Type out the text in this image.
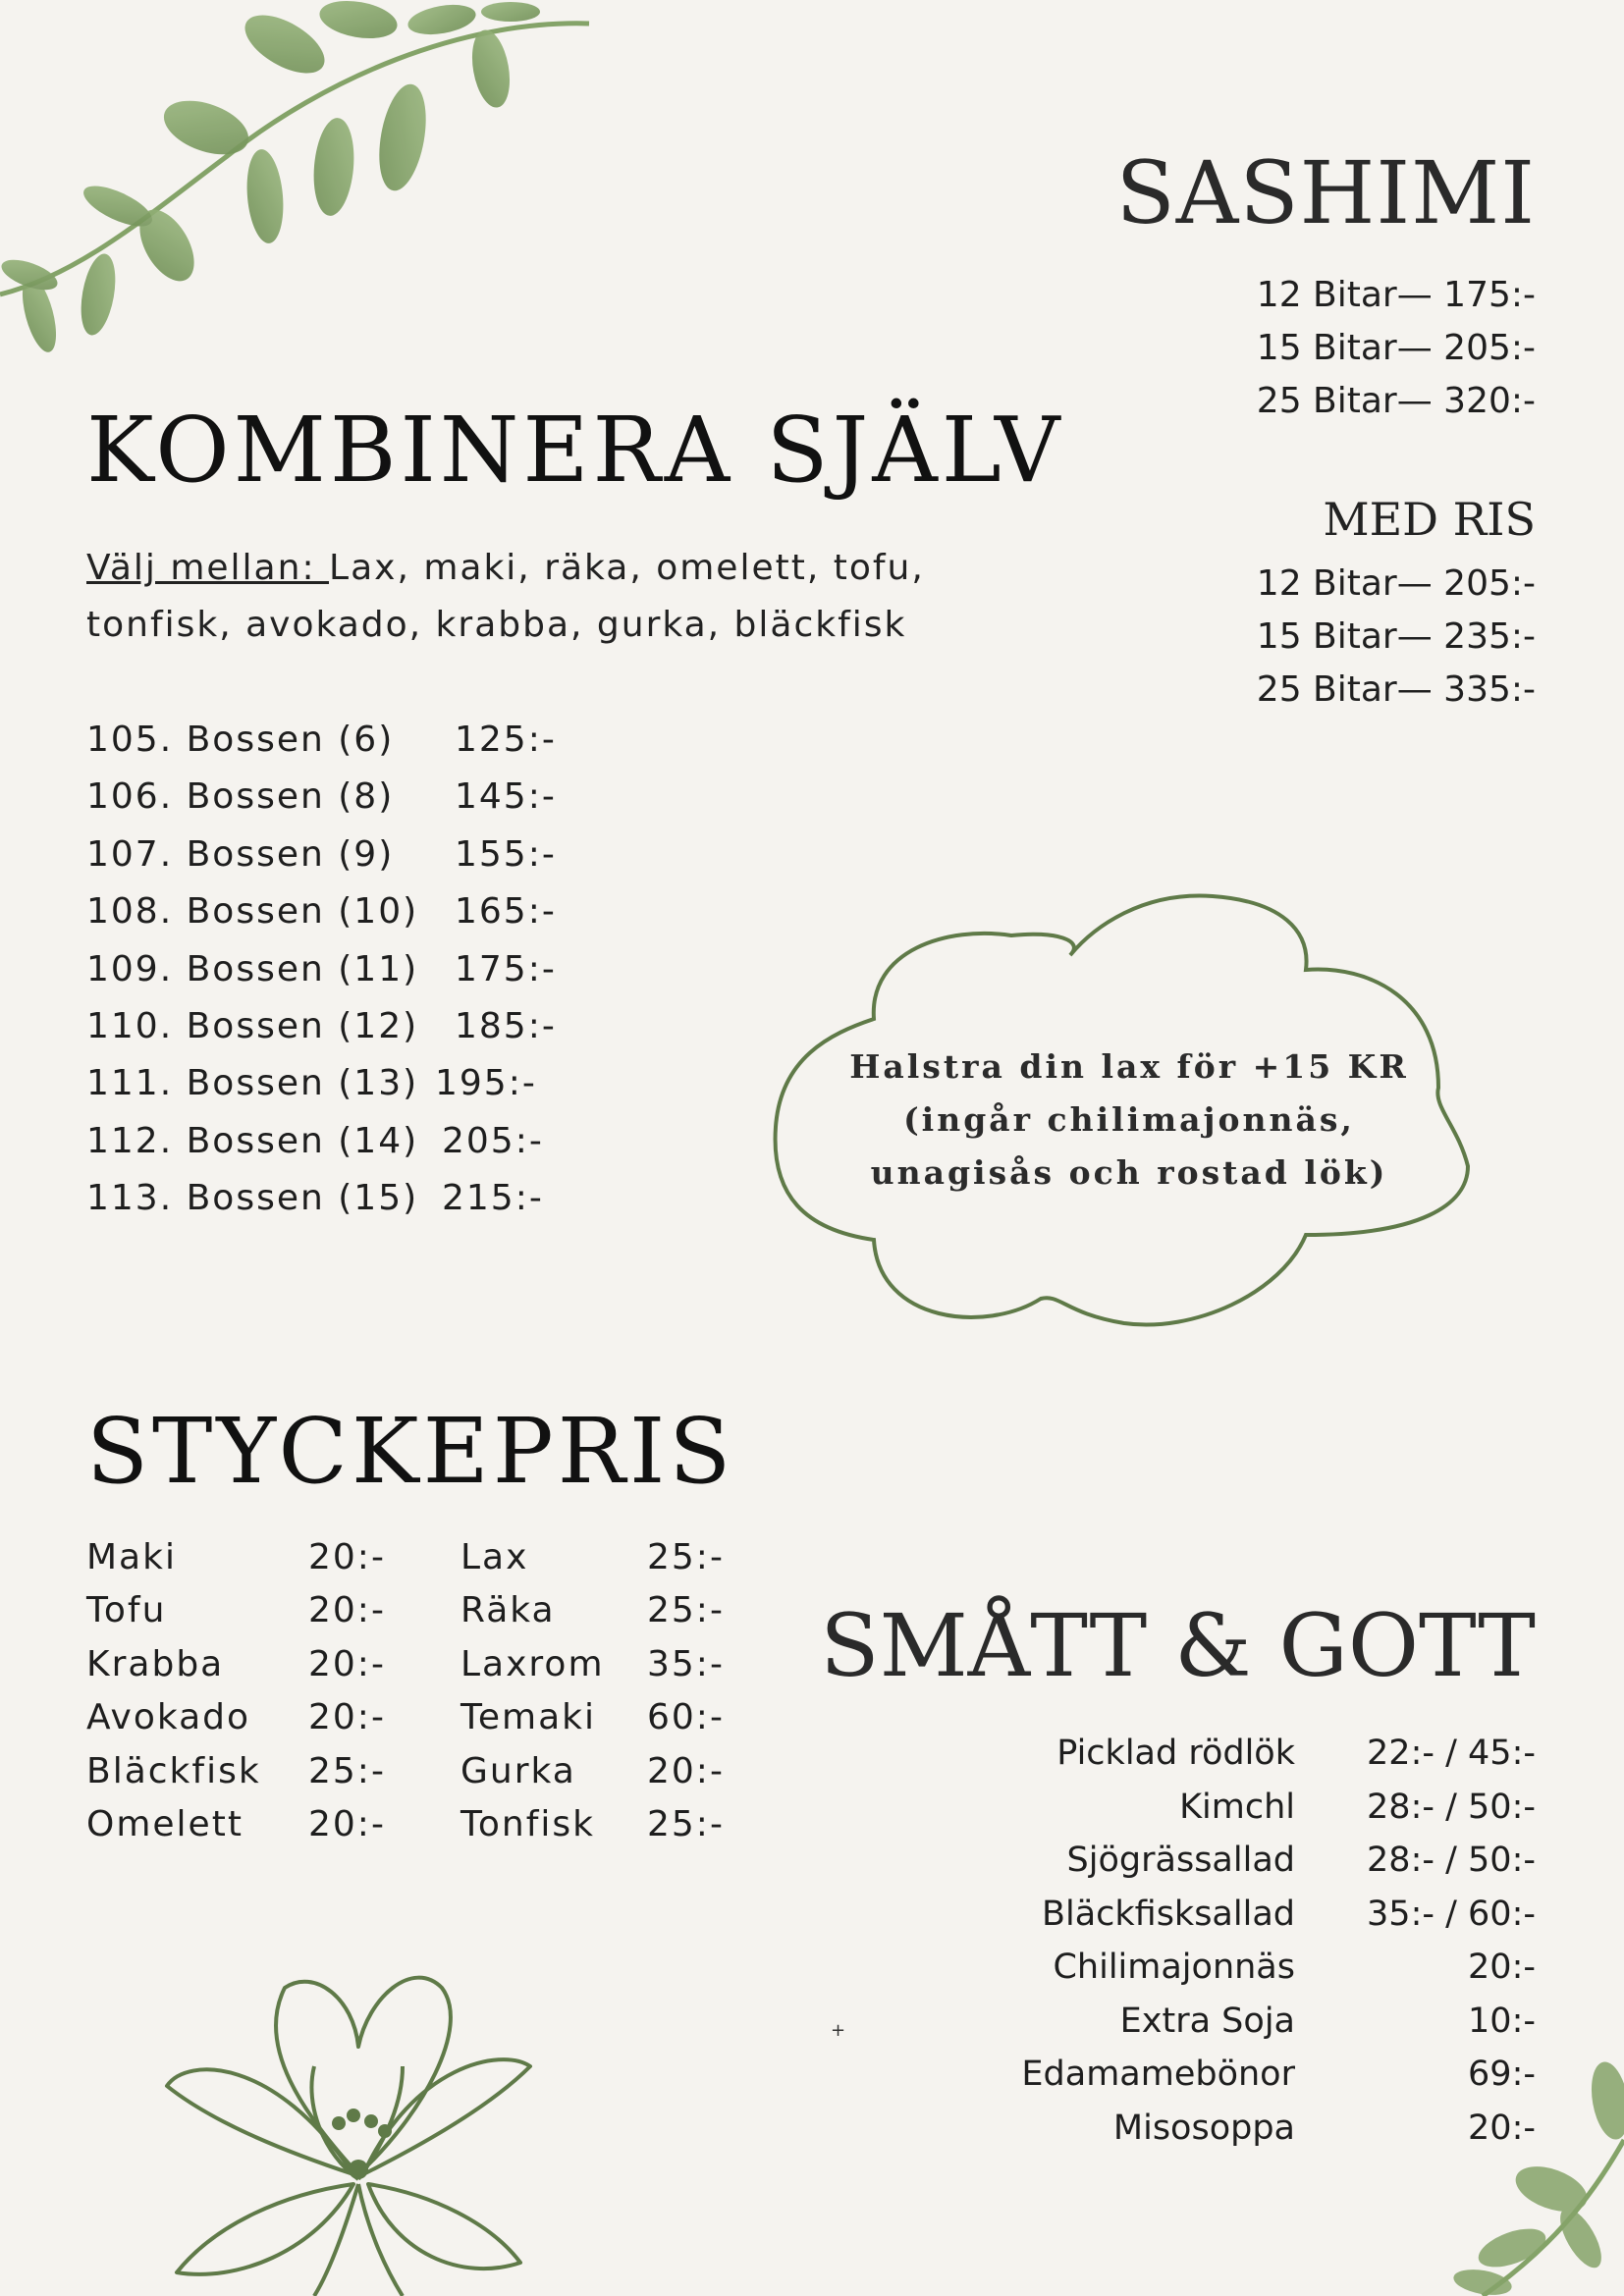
SASHIMI
12 Bitar— 175:-
15 Bitar— 205:-
25 Bitar— 320:-
MED RIS
12 Bitar— 205:-
15 Bitar— 235:-
25 Bitar— 335:-
KOMBINERA SJÄLV
Välj mellan: Lax, maki, räka, omelett, tofu, tonfisk, avokado, krabba, gurka, bläckfisk
105. Bossen (6)	125:-
106. Bossen (8)	145:-
107. Bossen (9)	155:-
108. Bossen (10)	165:-
109. Bossen (11)	175:-
110. Bossen (12)	185:-
111. Bossen (13) 195:-
112. Bossen (14) 205:-
113. Bossen (15) 215:-
Halstra din lax för +15 KR
(ingår chilimajonnäs,
unagisås och rostad lök)
STYCKEPRIS
Maki	20:-	Lax	25:-
Tofu	20:-	Räka	25:-
Krabba	20:-	Laxrom	35:-
Avokado	20:-	Temaki	60:-
Bläckfisk	25:-	Gurka	20:-
Omelett	20:-	Tonfisk	25:-
SMÅTT & GOTT
Picklad rödlök	22:- / 45:-
Kimchl	28:- / 50:-
Sjögrässallad	28:- / 50:-
Bläckfisksallad	35:- / 60:-
Chilimajonnäs	20:-
Extra Soja	10:-
Edamamebönor	69:-
Misosoppa	20:-
+
